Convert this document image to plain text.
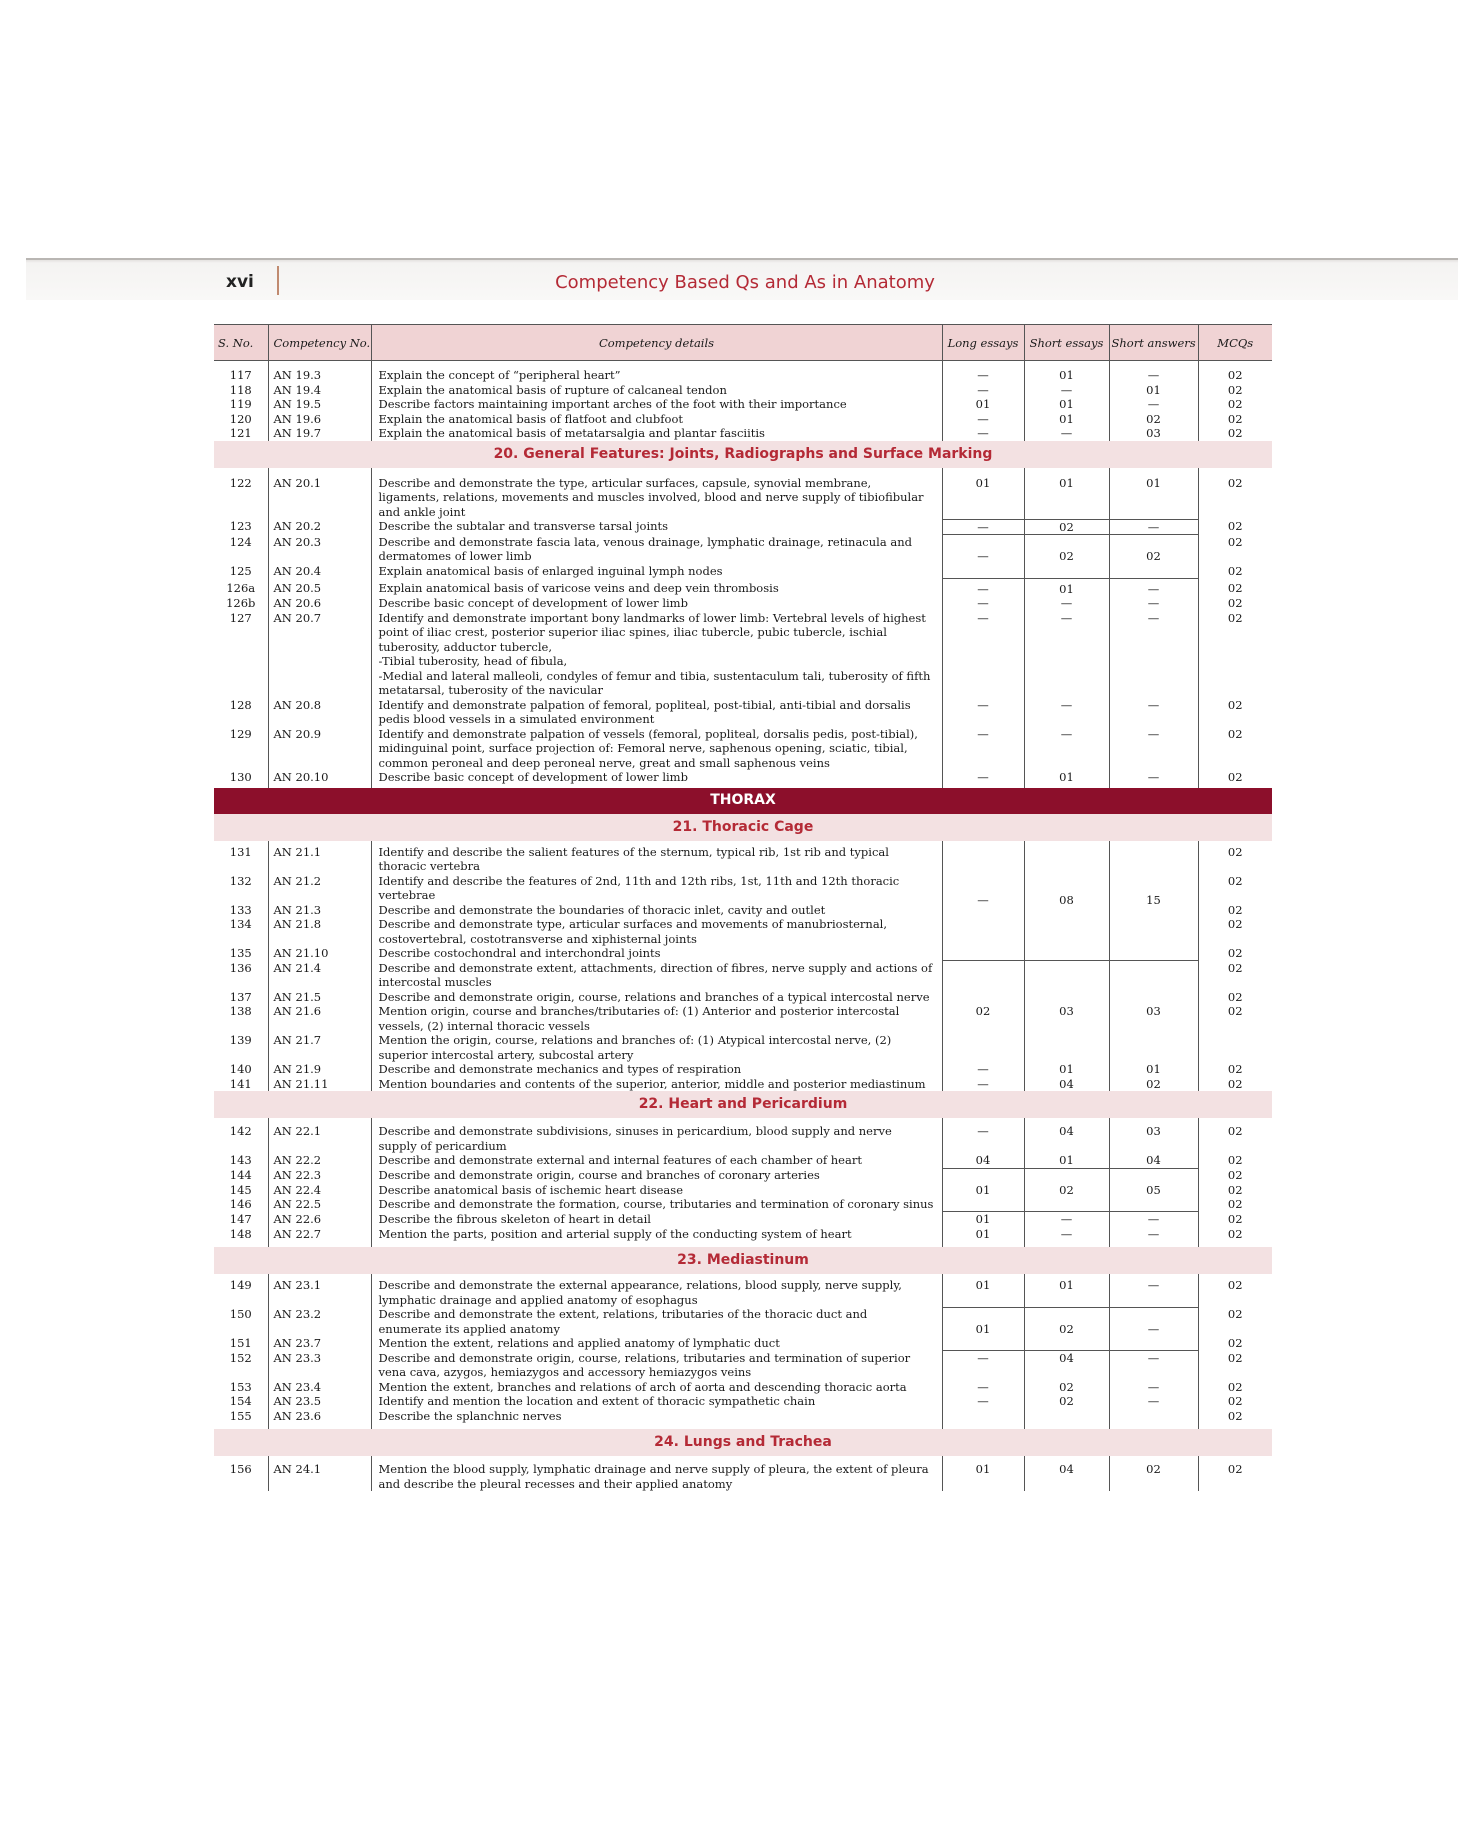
xvi	Competency Based Qs and As in Anatomy
S. No.	Competency No.	Competency details	Long essays	Short essays	Short answers	MCQs

117	AN 19.3	Explain the concept of “peripheral heart”	—	01	—	02
118	AN 19.4	Explain the anatomical basis of rupture of calcaneal tendon	—	—	01	02
119	AN 19.5	Describe factors maintaining important arches of the foot with their importance	01	01	—	02
120	AN 19.6	Explain the anatomical basis of flatfoot and clubfoot	—	01	02	02
121	AN 19.7	Explain the anatomical basis of metatarsalgia and plantar fasciitis	—	—	03	02
20. General Features: Joints, Radiographs and Surface Marking						
122	AN 20.1	Describe and demonstrate the type, articular surfaces, capsule, synovial membrane, ligaments, relations, movements and muscles involved, blood and nerve supply of tibiofibular and ankle joint	01	01	01	02
123	AN 20.2	Describe the subtalar and transverse tarsal joints	—	02	—	02
124	AN 20.3	Describe and demonstrate fascia lata, venous drainage, lymphatic drainage, retinacula and dermatomes of lower limb	—	02	02	02
125	AN 20.4	Explain anatomical basis of enlarged inguinal lymph nodes				02
126a	AN 20.5	Explain anatomical basis of varicose veins and deep vein thrombosis	—	01	—	02
126b	AN 20.6	Describe basic concept of development of lower limb	—	—	—	02
127	AN 20.7	Identify and demonstrate important bony landmarks of lower limb: Vertebral levels of highest point of iliac crest, posterior superior iliac spines, iliac tubercle, pubic tubercle, ischial tuberosity, adductor tubercle,
-Tibial tuberosity, head of fibula,
-Medial and lateral malleoli, condyles of femur and tibia, sustentaculum tali, tuberosity of fifth metatarsal, tuberosity of the navicular	—	—	—	02
128	AN 20.8	Identify and demonstrate palpation of femoral, popliteal, post-tibial, anti-tibial and dorsalis pedis blood vessels in a simulated environment	—	—	—	02
129	AN 20.9	Identify and demonstrate palpation of vessels (femoral, popliteal, dorsalis pedis, post-tibial), midinguinal point, surface projection of: Femoral nerve, saphenous opening, sciatic, tibial, common peroneal and deep peroneal nerve, great and small saphenous veins	—	—	—	02
130	AN 20.10	Describe basic concept of development of lower limb	—	01	—	02
THORAX						
21. Thoracic Cage						
131	AN 21.1	Identify and describe the salient features of the sternum, typical rib, 1st rib and typical thoracic vertebra	—	08	15	02
132	AN 21.2	Identify and describe the features of 2nd, 11th and 12th ribs, 1st, 11th and 12th thoracic vertebrae				02
133	AN 21.3	Describe and demonstrate the boundaries of thoracic inlet, cavity and outlet				02
134	AN 21.8	Describe and demonstrate type, articular surfaces and movements of manubriosternal, costovertebral, costotransverse and xiphisternal joints				02
135	AN 21.10	Describe costochondral and interchondral joints				02
136	AN 21.4	Describe and demonstrate extent, attachments, direction of fibres, nerve supply and actions of intercostal muscles	02	03	03	02
137	AN 21.5	Describe and demonstrate origin, course, relations and branches of a typical intercostal nerve				02
138	AN 21.6	Mention origin, course and branches/tributaries of: (1) Anterior and posterior intercostal vessels, (2) internal thoracic vessels				02
139	AN 21.7	Mention the origin, course, relations and branches of: (1) Atypical intercostal nerve, (2) superior intercostal artery, subcostal artery				
140	AN 21.9	Describe and demonstrate mechanics and types of respiration	—	01	01	02
141	AN 21.11	Mention boundaries and contents of the superior, anterior, middle and posterior mediastinum	—	04	02	02
22. Heart and Pericardium						
142	AN 22.1	Describe and demonstrate subdivisions, sinuses in pericardium, blood supply and nerve supply of pericardium	—	04	03	02
143	AN 22.2	Describe and demonstrate external and internal features of each chamber of heart	04	01	04	02
144	AN 22.3	Describe and demonstrate origin, course and branches of coronary arteries	01	02	05	02
145	AN 22.4	Describe anatomical basis of ischemic heart disease				02
146	AN 22.5	Describe and demonstrate the formation, course, tributaries and termination of coronary sinus				02
147	AN 22.6	Describe the fibrous skeleton of heart in detail	01	—	—	02
148	AN 22.7	Mention the parts, position and arterial supply of the conducting system of heart	01	—	—	02
23. Mediastinum						
149	AN 23.1	Describe and demonstrate the external appearance, relations, blood supply, nerve supply, lymphatic drainage and applied anatomy of esophagus	01	01	—	02
150	AN 23.2	Describe and demonstrate the extent, relations, tributaries of the thoracic duct and enumerate its applied anatomy	01	02	—	02
151	AN 23.7	Mention the extent, relations and applied anatomy of lymphatic duct				02
152	AN 23.3	Describe and demonstrate origin, course, relations, tributaries and termination of superior vena cava, azygos, hemiazygos and accessory hemiazygos veins	—	04	—	02
153	AN 23.4	Mention the extent, branches and relations of arch of aorta and descending thoracic aorta	—	02	—	02
154	AN 23.5	Identify and mention the location and extent of thoracic sympathetic chain	—	02	—	02
155	AN 23.6	Describe the splanchnic nerves				02
24. Lungs and Trachea						
156	AN 24.1	Mention the blood supply, lymphatic drainage and nerve supply of pleura, the extent of pleura and describe the pleural recesses and their applied anatomy	01	04	02	02
